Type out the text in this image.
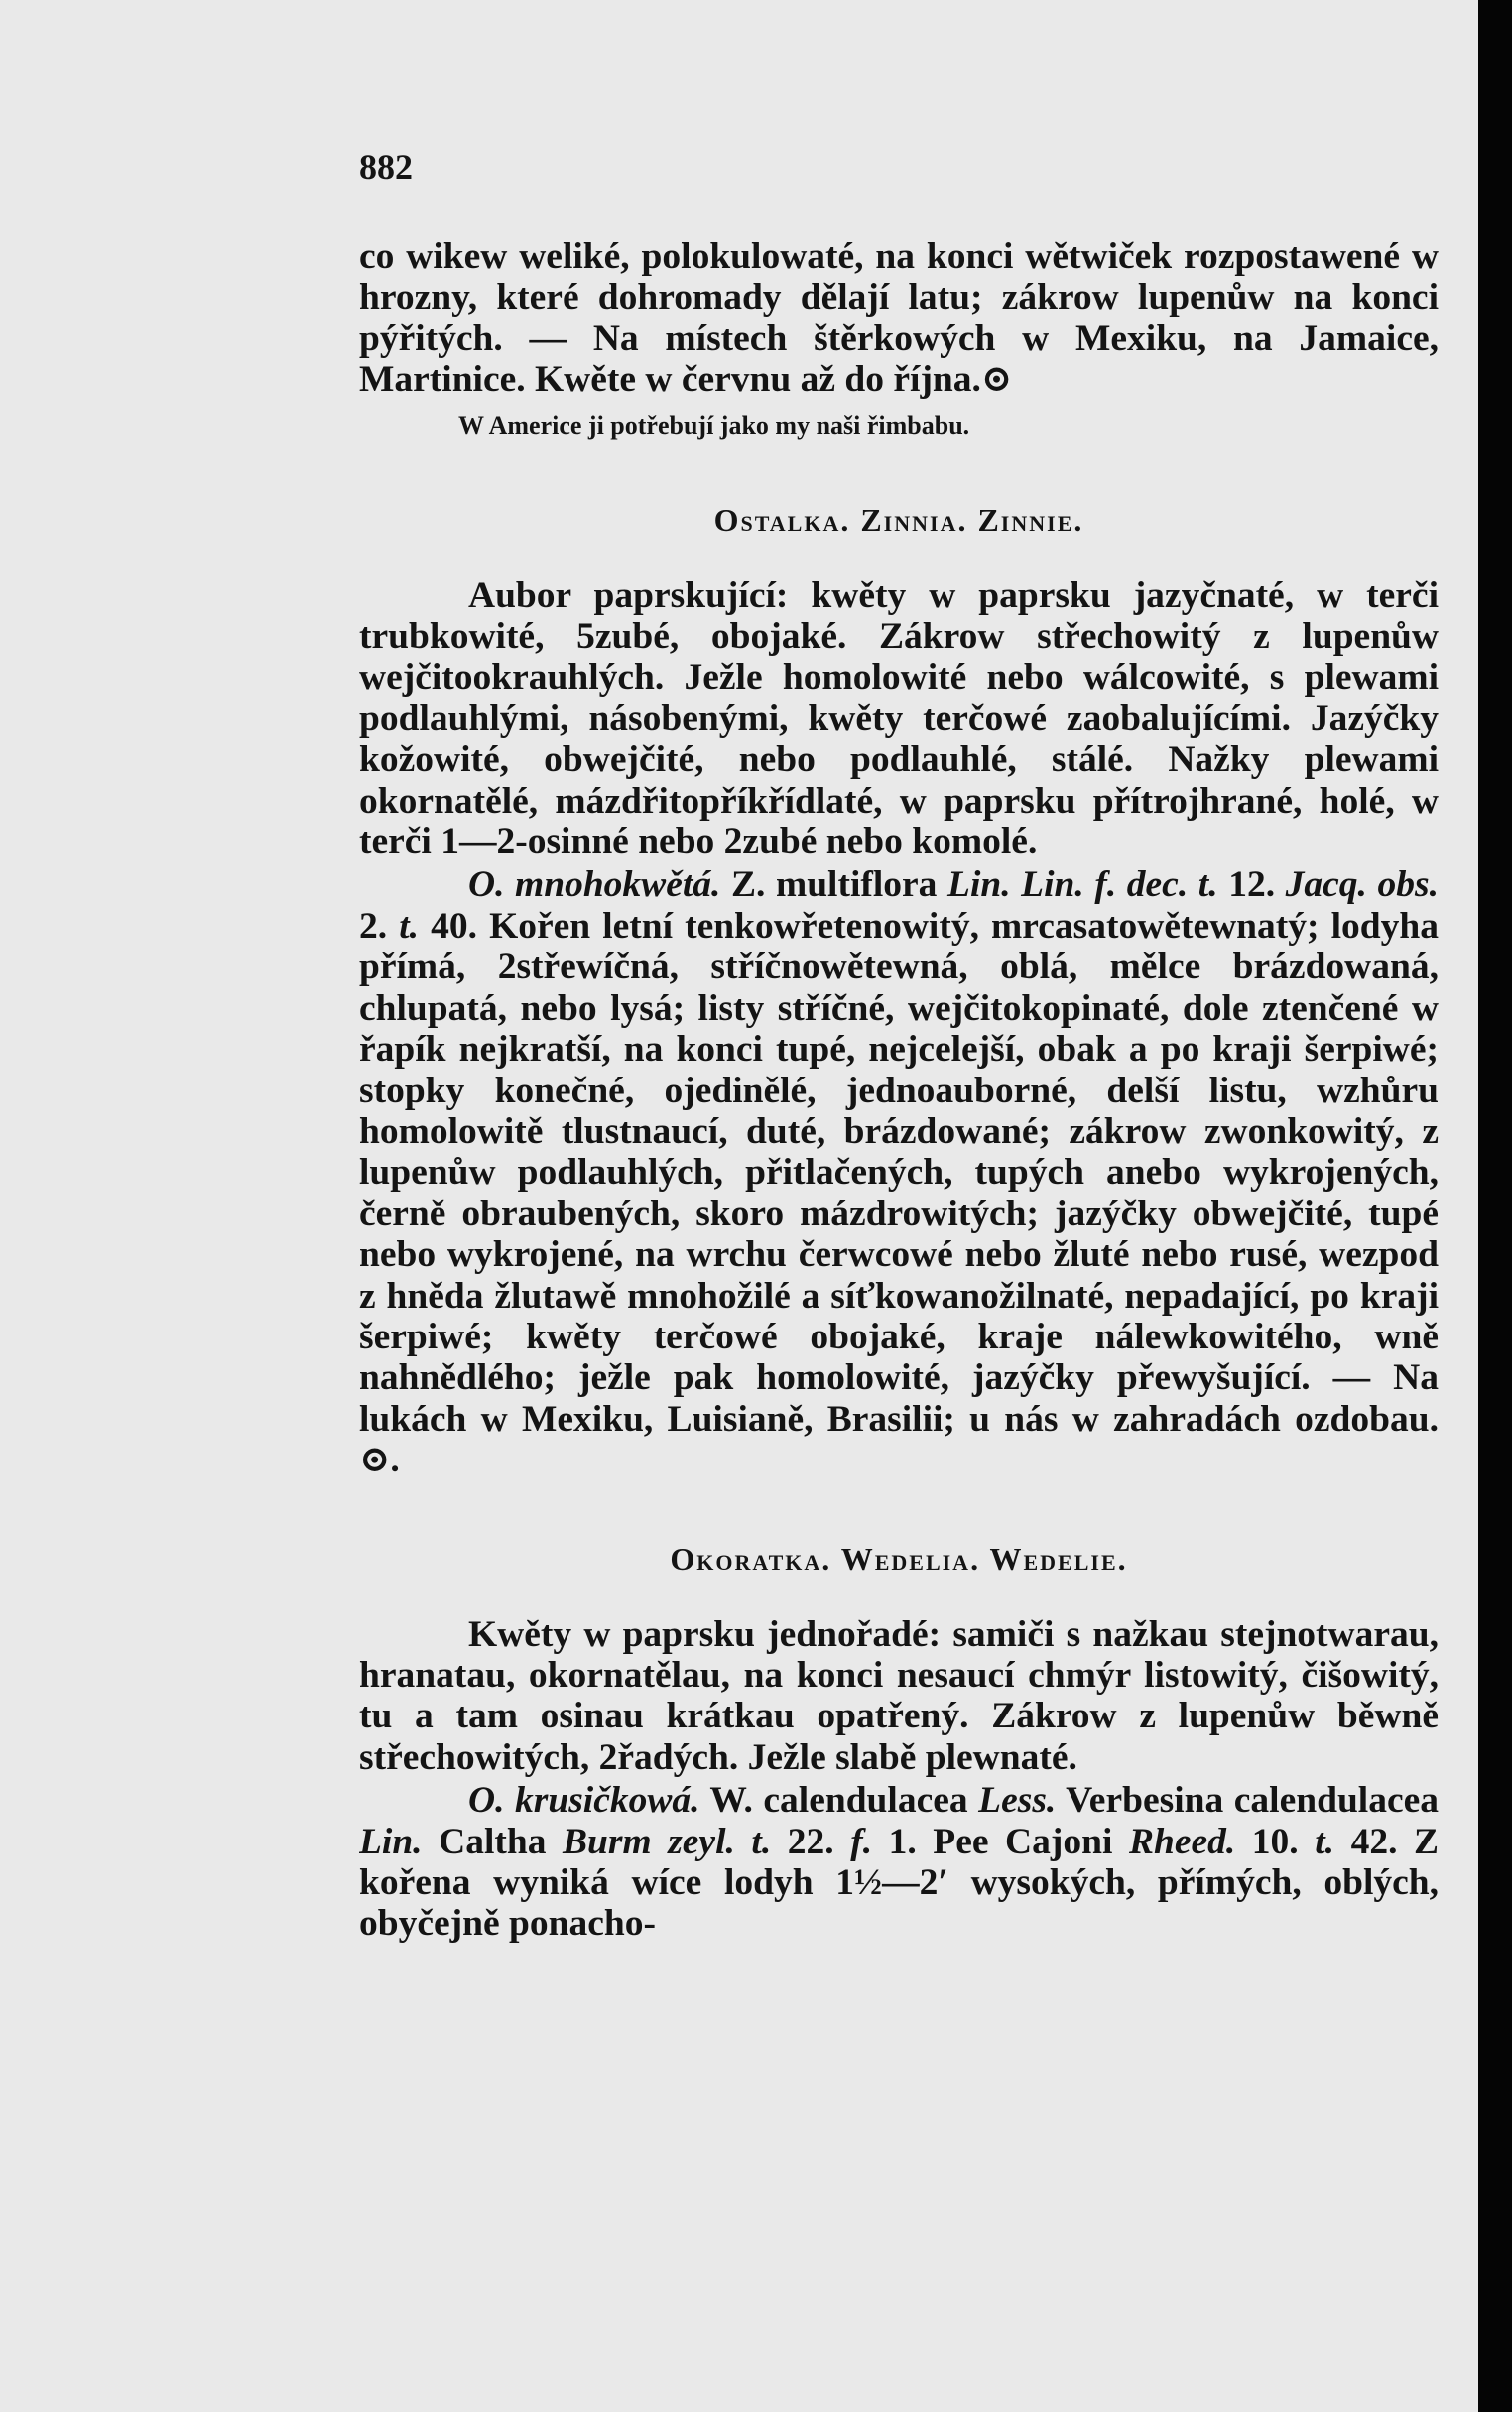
882

co wikew weliké, polokulowaté, na konci wětwiček rozpostawené w hrozny, které dohromady dělají latu; zákrow lupenůw na konci pýřitých. — Na místech štěrkowých w Mexiku, na Jamaice, Martinice. Kwěte w červnu až do října.⊙

W Americe ji potřebují jako my naši řimbabu.

Ostalka. Zinnia. Zinnie.

Aubor paprskující: kwěty w paprsku jazyčnaté, w terči trubkowité, 5zubé, obojaké. Zákrow střechowitý z lupenůw wejčitookrauhlých. Ježle homolowité nebo wálcowité, s plewami podlauhlými, násobenými, kwěty terčowé zaobalujícími. Jazýčky kožowité, obwejčité, nebo podlauhlé, stálé. Nažky plewami okornatělé, mázdřitopříkřídlaté, w paprsku přítrojhrané, holé, w terči 1—2-osinné nebo 2zubé nebo komolé.

O. mnohokwětá. Z. multiflora Lin. Lin. f. dec. t. 12. Jacq. obs. 2. t. 40. Kořen letní tenkowřetenowitý, mrcasatowětewnatý; lodyha přímá, 2střewíčná, stříčnowětewná, oblá, mělce brázdowaná, chlupatá, nebo lysá; listy stříčné, wejčitokopinaté, dole ztenčené w řapík nejkratší, na konci tupé, nejcelejší, obak a po kraji šerpiwé; stopky konečné, ojedinělé, jednoauborné, delší listu, wzhůru homolowitě tlustnaucí, duté, brázdowané; zákrow zwonkowitý, z lupenůw podlauhlých, přitlačených, tupých anebo wykrojených, černě obraubených, skoro mázdrowitých; jazýčky obwejčité, tupé nebo wykrojené, na wrchu čerwcowé nebo žluté nebo rusé, wezpod z hněda žlutawě mnohožilé a síťkowanožilnaté, nepadající, po kraji šerpiwé; kwěty terčowé obojaké, kraje nálewkowitého, wně nahnědlého; ježle pak homolowité, jazýčky přewyšující. — Na lukách w Mexiku, Luisianě, Brasilii; u nás w zahradách ozdobau. ⊙.

Okoratka. Wedelia. Wedelie.

Kwěty w paprsku jednořadé: samiči s nažkau stejnotwarau, hranatau, okornatělau, na konci nesaucí chmýr listowitý, čišowitý, tu a tam osinau krátkau opatřený. Zákrow z lupenůw běwně střechowitých, 2řadých. Ježle slabě plewnaté.

O. krusičkowá. W. calendulacea Less. Verbesina calendulacea Lin. Caltha Burm zeyl. t. 22. f. 1. Pee Cajoni Rheed. 10. t. 42. Z kořena wyniká wíce lodyh 1½—2′ wysokých, přímých, oblých, obyčejně ponacho-
